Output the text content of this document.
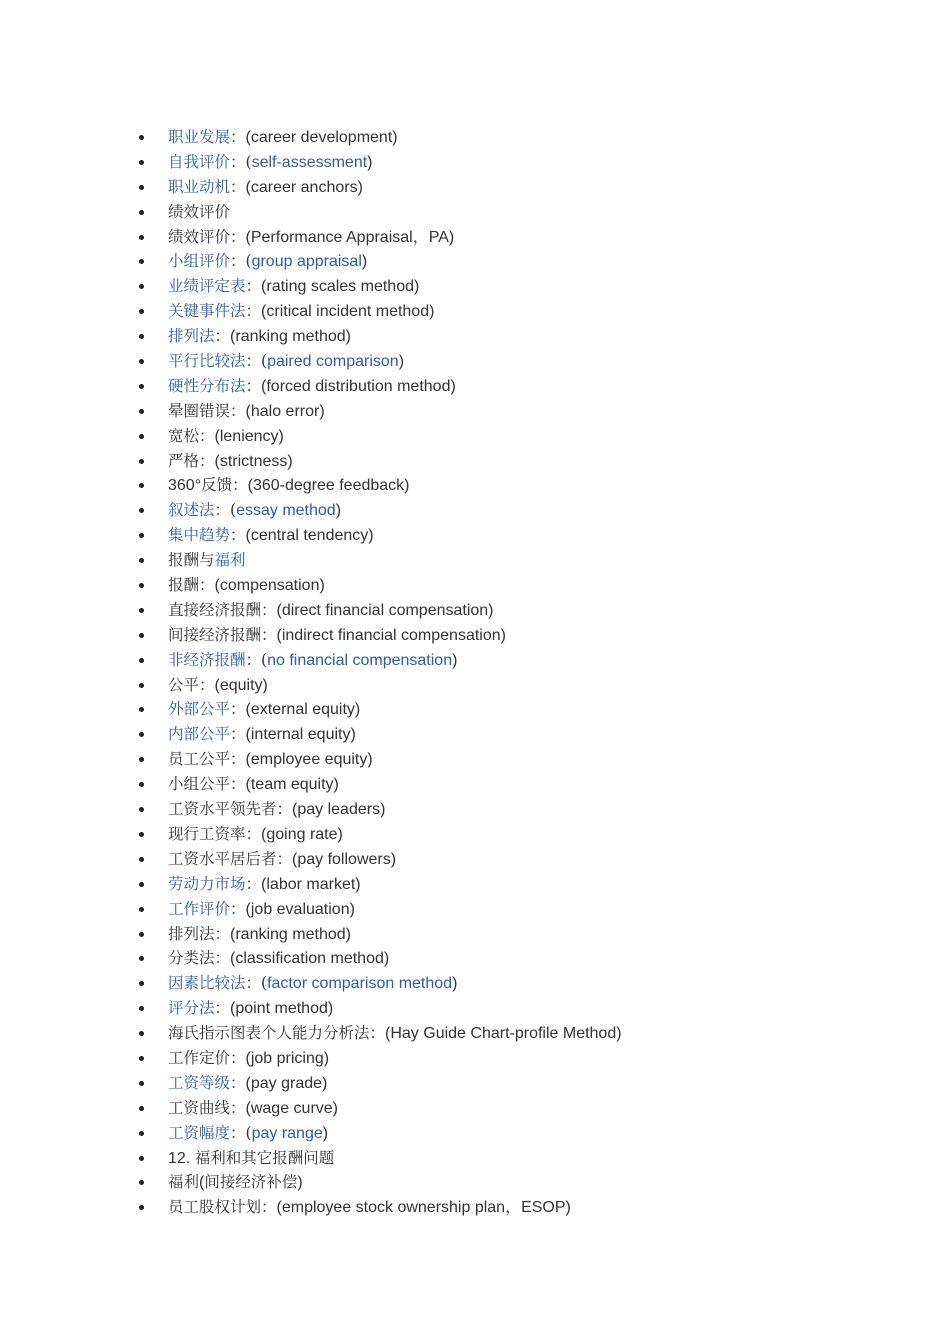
职业发展：(career development)
自我评价：(self-assessment)
职业动机：(career anchors)
绩效评价
绩效评价：(Performance Appraisal，PA)
小组评价：(group appraisal)
业绩评定表：(rating scales method)
关键事件法：(critical incident method)
排列法：(ranking method)
平行比较法：(paired comparison)
硬性分布法：(forced distribution method)
晕圈错误：(halo error)
宽松：(leniency)
严格：(strictness)
360°反馈：(360-degree feedback)
叙述法：(essay method)
集中趋势：(central tendency)
报酬与福利
报酬：(compensation)
直接经济报酬：(direct financial compensation)
间接经济报酬：(indirect financial compensation)
非经济报酬：(no financial compensation)
公平：(equity)
外部公平：(external equity)
内部公平：(internal equity)
员工公平：(employee equity)
小组公平：(team equity)
工资水平领先者：(pay leaders)
现行工资率：(going rate)
工资水平居后者：(pay followers)
劳动力市场：(labor market)
工作评价：(job evaluation)
排列法：(ranking method)
分类法：(classification method)
因素比较法：(factor comparison method)
评分法：(point method)
海氏指示图表个人能力分析法：(Hay Guide Chart-profile Method)
工作定价：(job pricing)
工资等级：(pay grade)
工资曲线：(wage curve)
工资幅度：(pay range)
12. 福利和其它报酬问题
福利(间接经济补偿)
员工股权计划：(employee stock ownership plan，ESOP)
